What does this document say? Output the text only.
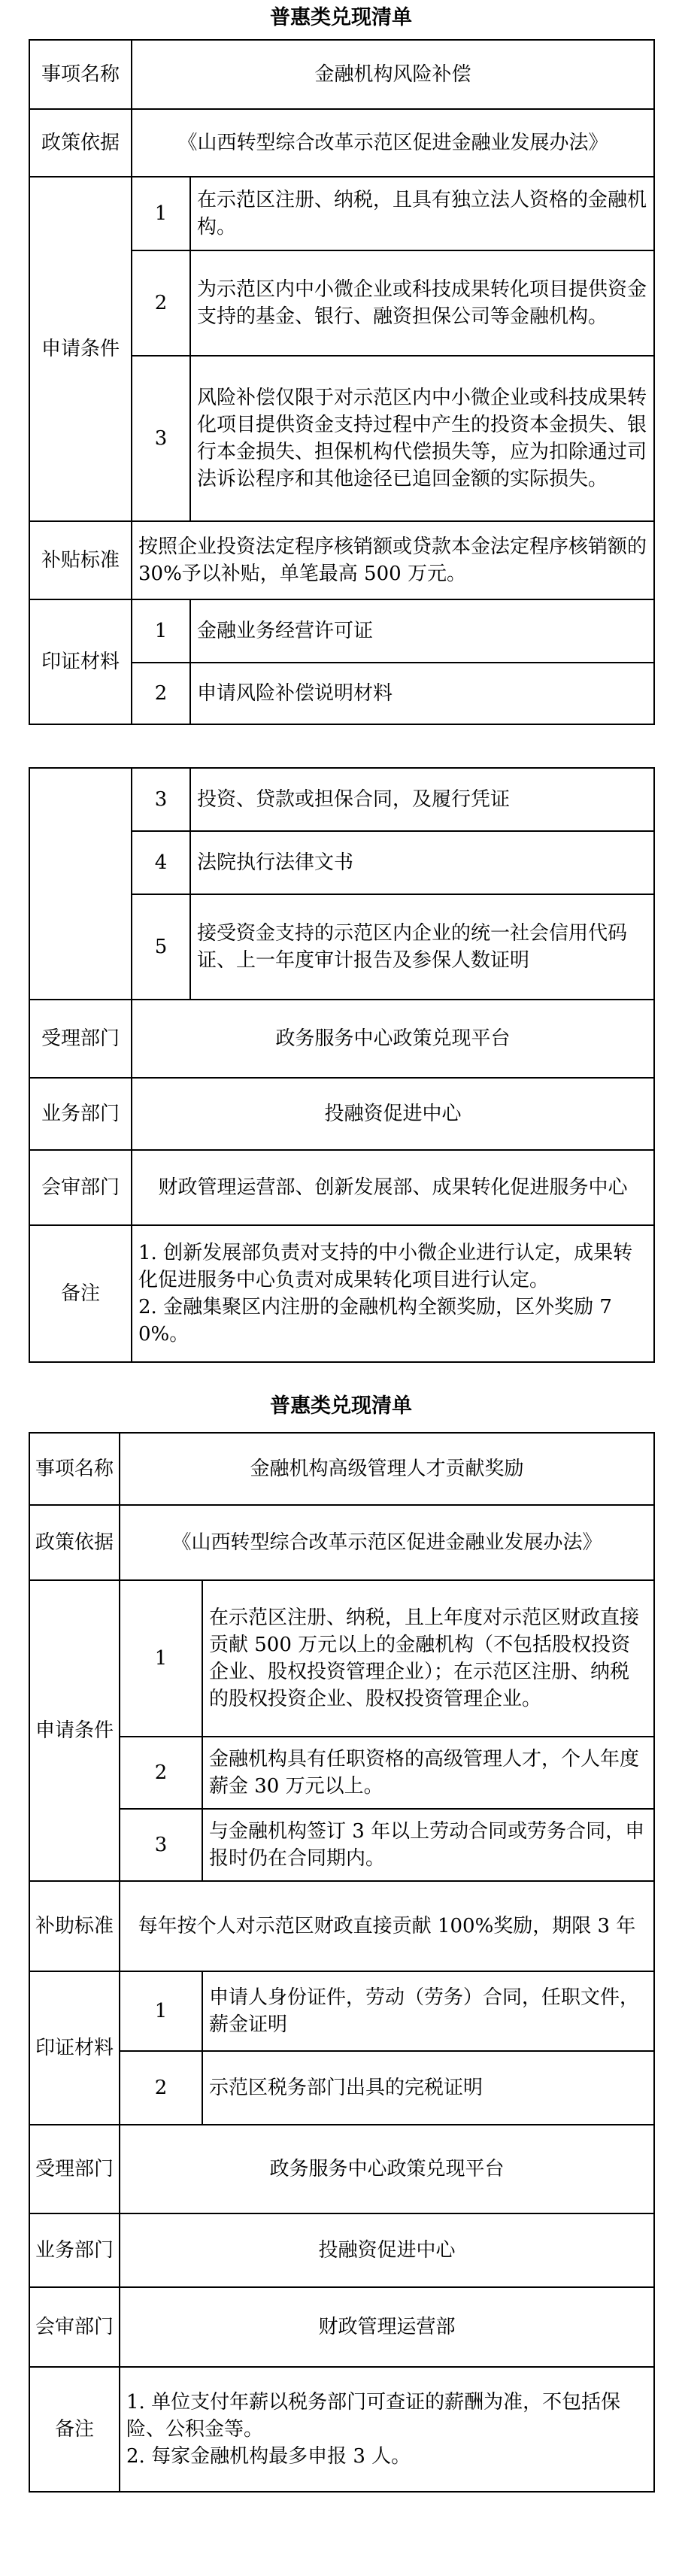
普惠类兑现清单
事项名称	金融机构风险补偿	
政策依据	《山西转型综合改革示范区促进金融业发展办法》	
申请条件	1	在示范区注册、纳税，且具有独立法人资格的金融机构。
	2	为示范区内中小微企业或科技成果转化项目提供资金支持的基金、银行、融资担保公司等金融机构。
	3	风险补偿仅限于对示范区内中小微企业或科技成果转化项目提供资金支持过程中产生的投资本金损失、银行本金损失、担保机构代偿损失等，应为扣除通过司法诉讼程序和其他途径已追回金额的实际损失。
补贴标准	按照企业投资法定程序核销额或贷款本金法定程序核销额的 30%予以补贴，单笔最高 500 万元。	
印证材料	1	金融业务经营许可证
	2	申请风险补偿说明材料
	3	投资、贷款或担保合同，及履行凭证
	4	法院执行法律文书
	5	接受资金支持的示范区内企业的统一社会信用代码证、上一年度审计报告及参保人数证明
受理部门	政务服务中心政策兑现平台	
业务部门	投融资促进中心	
会审部门	财政管理运营部、创新发展部、成果转化促进服务中心	
备注	1. 创新发展部负责对支持的中小微企业进行认定，成果转化促进服务中心负责对成果转化项目进行认定。
2. 金融集聚区内注册的金融机构全额奖励，区外奖励 70%。	
普惠类兑现清单
事项名称	金融机构高级管理人才贡献奖励	
政策依据	《山西转型综合改革示范区促进金融业发展办法》	
申请条件	1	在示范区注册、纳税，且上年度对示范区财政直接贡献 500 万元以上的金融机构（不包括股权投资企业、股权投资管理企业）；在示范区注册、纳税的股权投资企业、股权投资管理企业。
	2	金融机构具有任职资格的高级管理人才，个人年度薪金 30 万元以上。
	3	与金融机构签订 3 年以上劳动合同或劳务合同，申报时仍在合同期内。
补助标准	每年按个人对示范区财政直接贡献 100%奖励，期限 3 年	
印证材料	1	申请人身份证件，劳动（劳务）合同，任职文件，薪金证明
	2	示范区税务部门出具的完税证明
受理部门	政务服务中心政策兑现平台	
业务部门	投融资促进中心	
会审部门	财政管理运营部	
备注	1. 单位支付年薪以税务部门可查证的薪酬为准，不包括保险、公积金等。
2. 每家金融机构最多申报 3 人。	
